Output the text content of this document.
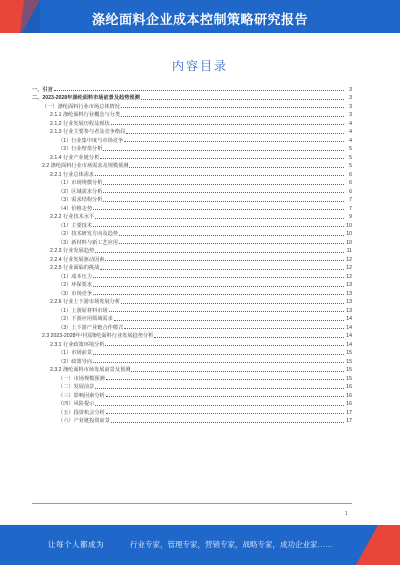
涤纶面料企业成本控制策略研究报告
内容目录
一、引言	3
二、2023-2028年涤纶面料市场前景及趋势预测	3
（一）涤纶面料行业市场总体情况	3
2.1.1 涤纶面料行业概念与分类	3
2.1.2 行业发展历程及现状	4
2.1.3 行业主要参与者及竞争格局	4
（1）行业集中度与市场竞争	4
（2）行业壁垒分析	5
2.1.4 行业产业链分析	5
2.2 涤纶面料行业市场需求及规模预测	5
2.2.1 行业总体需求	6
（1）市场规模分析	6
（2）区域需求分析	6
（3）需求结构分析	7
（4）价格走势	7
2.2.2 行业技术水平	9
（1）主要技术	10
（2）技术研发方向及趋势	10
（3）新材料与新工艺应用	10
2.2.3 行业发展趋势	11
2.2.4 行业发展驱动因素	12
2.2.5 行业面临的挑战	12
（1）成本压力	12
（2）环保要求	13
（3）市场竞争	13
2.2.6 行业上下游市场发展分析	13
（1）上游原材料市场	13
（2）下游应用领域需求	14
（3）上下游产业链合作模式	14
2.3 2023-2028年中国涤纶面料行业发展趋势分析	14
2.3.1 行业政策环境分析	14
（1）市场前景	15
（2）政策导向	15
2.3.2 涤纶面料市场发展前景及预测	15
（一）市场规模预测	15
（二）发展前景	16
（三）影响因素分析	16
（四）风险提示	16
（五）投资机会分析	17
（六）产业链投资前景	17
1
让每个人都成为	行业专家，管理专家，营销专家，战略专家，成功企业家……
